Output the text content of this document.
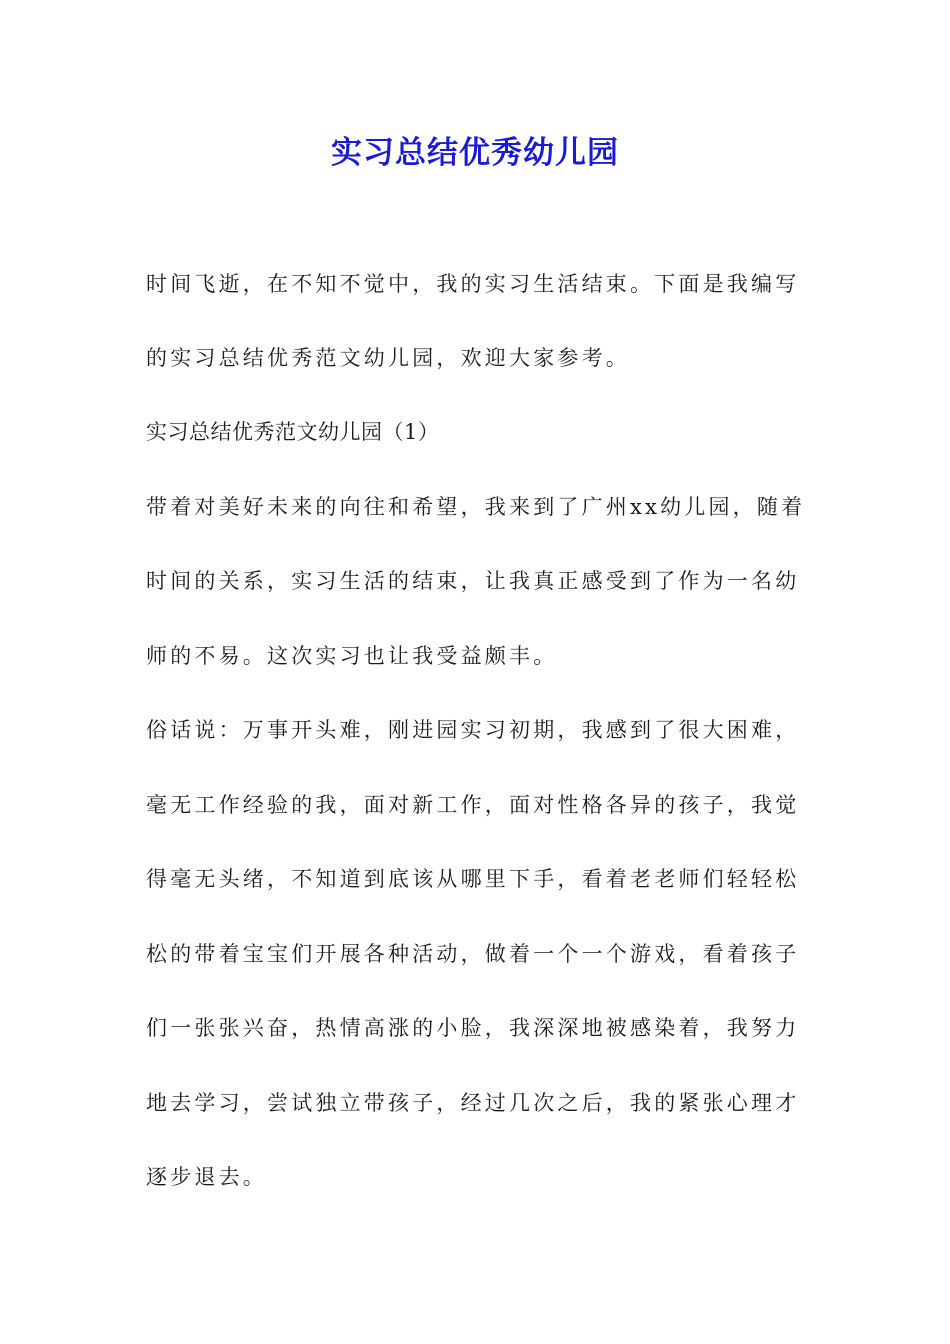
实习总结优秀幼儿园

时间飞逝，在不知不觉中，我的实习生活结束。下面是我编写

的实习总结优秀范文幼儿园，欢迎大家参考。

实习总结优秀范文幼儿园（1）

带着对美好未来的向往和希望，我来到了广州xx幼儿园，随着

时间的关系，实习生活的结束，让我真正感受到了作为一名幼

师的不易。这次实习也让我受益颇丰。

俗话说：万事开头难，刚进园实习初期，我感到了很大困难，

毫无工作经验的我，面对新工作，面对性格各异的孩子，我觉

得毫无头绪，不知道到底该从哪里下手，看着老老师们轻轻松

松的带着宝宝们开展各种活动，做着一个一个游戏，看着孩子

们一张张兴奋，热情高涨的小脸，我深深地被感染着，我努力

地去学习，尝试独立带孩子，经过几次之后，我的紧张心理才

逐步退去。
